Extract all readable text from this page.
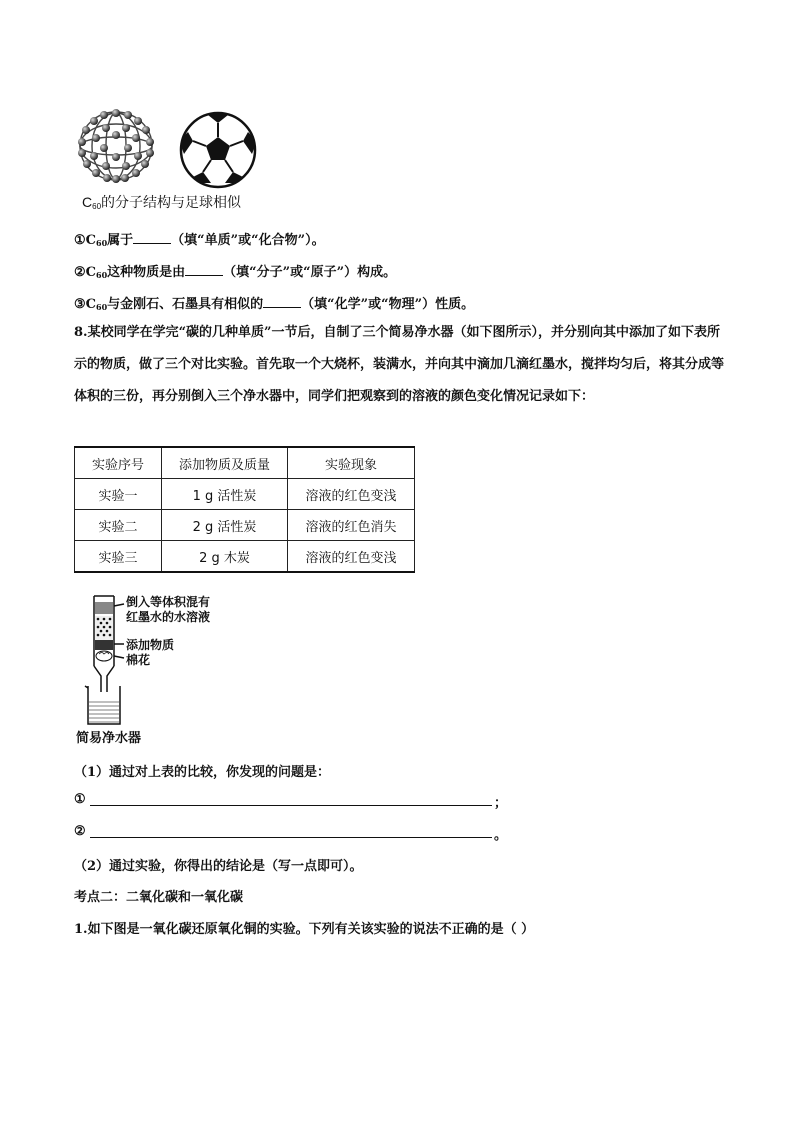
$C_{60}$的分子结构与足球相似
$①C_{60}$属于	（填“单质”或“化合物”）。
$②C_{60}$这种物质是由	（填“分子”或“原子”）构成。
$③C_{60}$与金刚石、石墨具有相似的	（填“化学”或“物理”）性质。
8.某校同学在学完“碳的几种单质”一节后，自制了三个简易净水器（如下图所示），并分别向其中添加了如下表所示的物质，做了三个对比实验。首先取一个大烧杯，装满水，并向其中滴加几滴红墨水，搅拌均匀后，将其分成等体积的三份，再分别倒入三个净水器中，同学们把观察到的溶液的颜色变化情况记录如下：
实验序号	添加物质及质量	实验现象
实验一	1 g 活性炭	溶液的红色变浅
实验二	2 g 活性炭	溶液的红色消失
实验三	2 g 木炭	溶液的红色变浅
倒入等体积混有
红墨水的水溶液
添加物质
棉花
简易净水器
（1）通过对上表的比较，你发现的问题是：
①	；
②	。
（2）通过实验，你得出的结论是（写一点即可）。
考点二：二氧化碳和一氧化碳
1.如下图是一氧化碳还原氧化铜的实验。下列有关该实验的说法不正确的是（ ）
